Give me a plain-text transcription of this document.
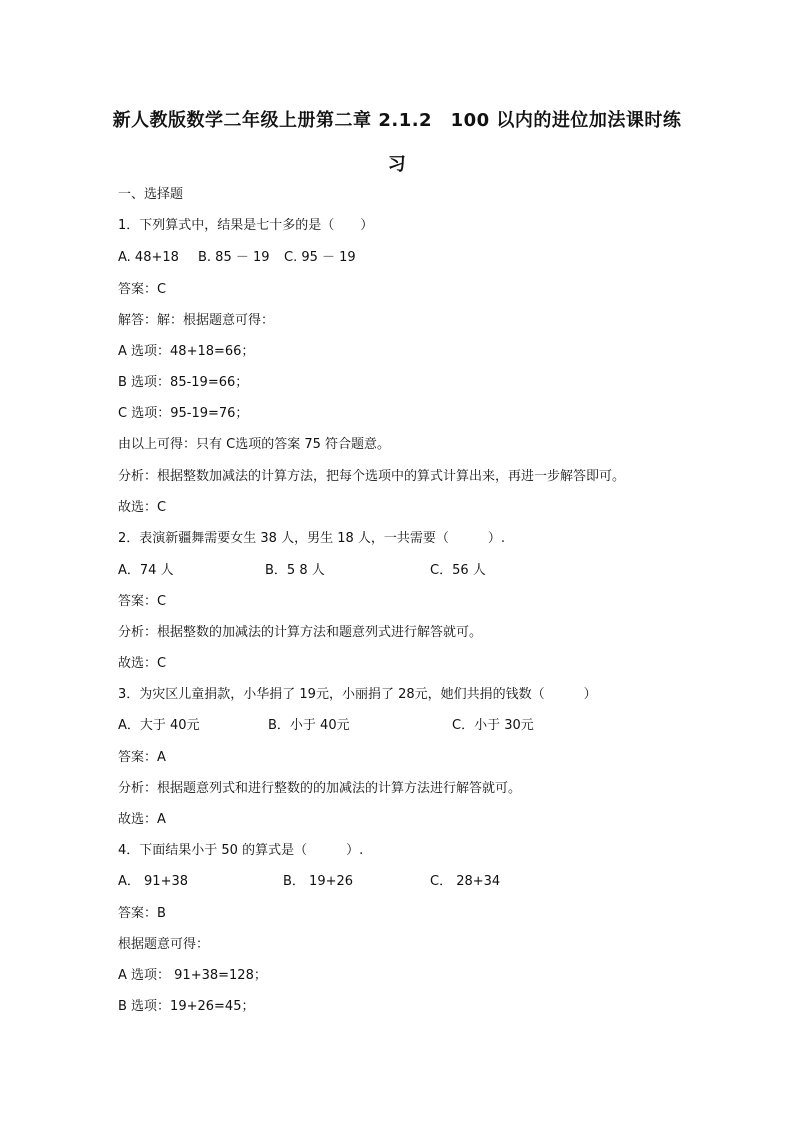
新人教版数学二年级上册第二章 2.1.2　100 以内的进位加法课时练
习
一、选择题
1．下列算式中，结果是七十多的是（　　）
A. 48+18 B. 85 － 19 C. 95 － 19
答案：C
解答：解：根据题意可得：
A 选项：48+18=66；
B 选项：85-19=66；
C 选项：95-19=76；
由以上可得：只有 C选项的答案 75 符合题意。
分析：根据整数加减法的计算方法，把每个选项中的算式计算出来，再进一步解答即可。
故选：C
2．表演新疆舞需要女生 38 人，男生 18 人，一共需要（　　　）.
A．74 人	B．5 8 人	C．56 人
答案：C
分析：根据整数的加减法的计算方法和题意列式进行解答就可。
故选：C
3．为灾区儿童捐款，小华捐了 19元，小丽捐了 28元，她们共捐的钱数（　　　）
A．大于 40元	B．小于 40元	C．小于 30元
答案：A
分析：根据题意列式和进行整数的的加减法的计算方法进行解答就可。
故选：A
4．下面结果小于 50 的算式是（　　　）.
A． 91+38	B． 19+26	C． 28+34
答案：B
根据题意可得：
A 选项： 91+38=128；
B 选项：19+26=45；
